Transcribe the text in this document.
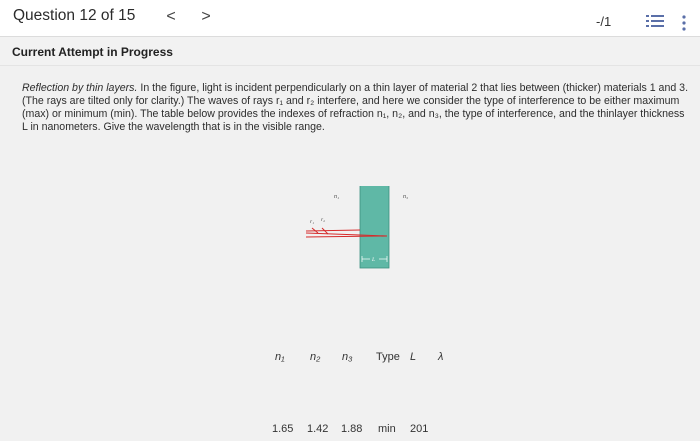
Question 12 of 15 < >	-/1
Current Attempt in Progress
Reflection by thin layers. In the figure, light is incident perpendicularly on a thin layer of material 2 that lies between (thicker) materials 1 and 3. (The rays are tilted only for clarity.) The waves of rays r₁ and r₂ interfere, and here we consider the type of interference to be either maximum (max) or minimum (min). The table below provides the indexes of refraction n₁, n₂, and n₃, the type of interference, and the thinlayer thickness L in nanometers. Give the wavelength that is in the visible range.
n₁	n₃
r₁ r₂
L
n₁ n₂ n₃ Type L λ
1.65 1.42 1.88 min 201
